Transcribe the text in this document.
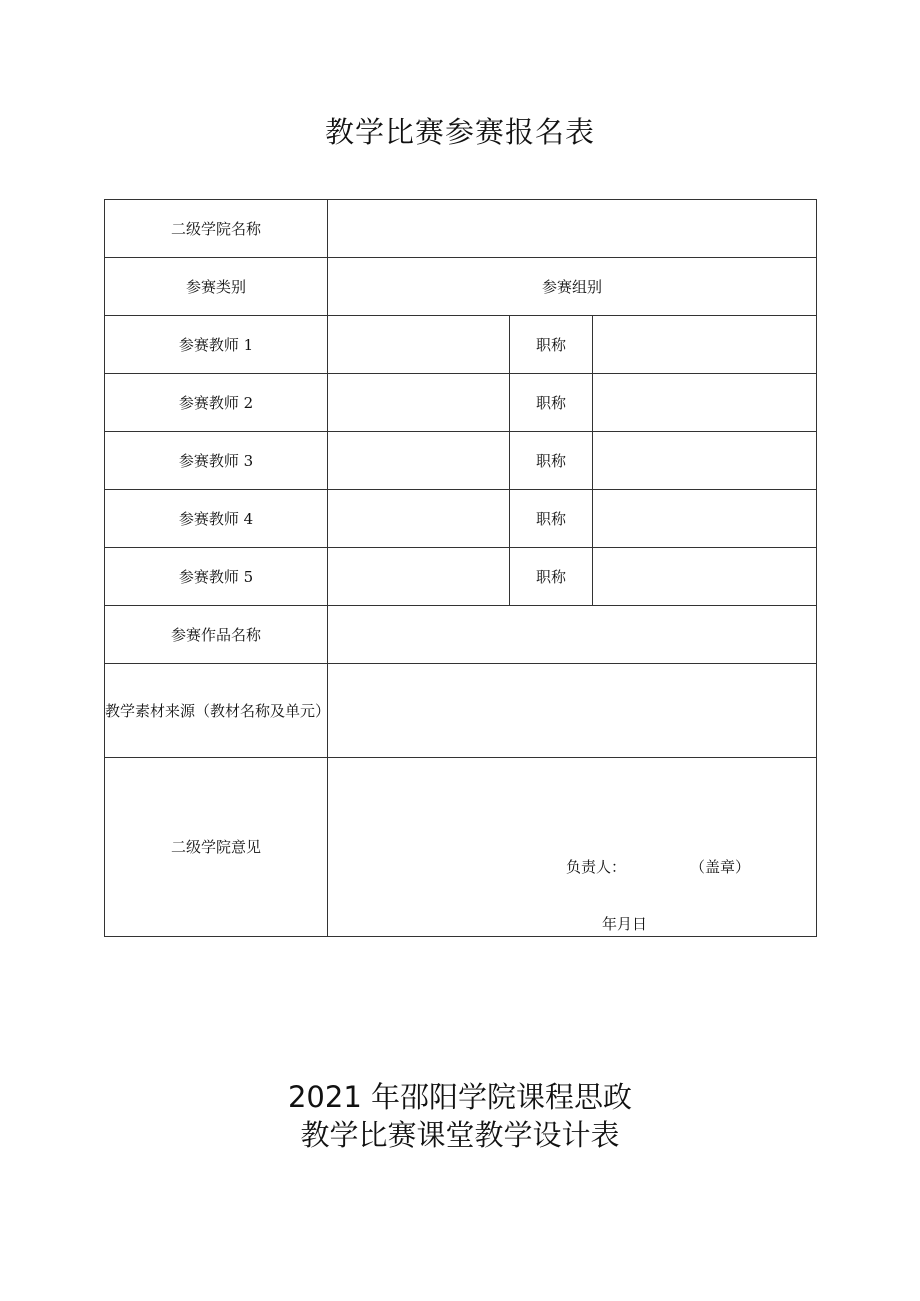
教学比赛参赛报名表
二级学院名称			
参赛类别	参赛组别		
参赛教师 1		职称	
参赛教师 2		职称	
参赛教师 3		职称	
参赛教师 4		职称	
参赛教师 5		职称	
参赛作品名称			
教学素材来源（教材名称及单元）			
二级学院意见	负责人： （盖章）
年月日		
2021 年邵阳学院课程思政
教学比赛课堂教学设计表
